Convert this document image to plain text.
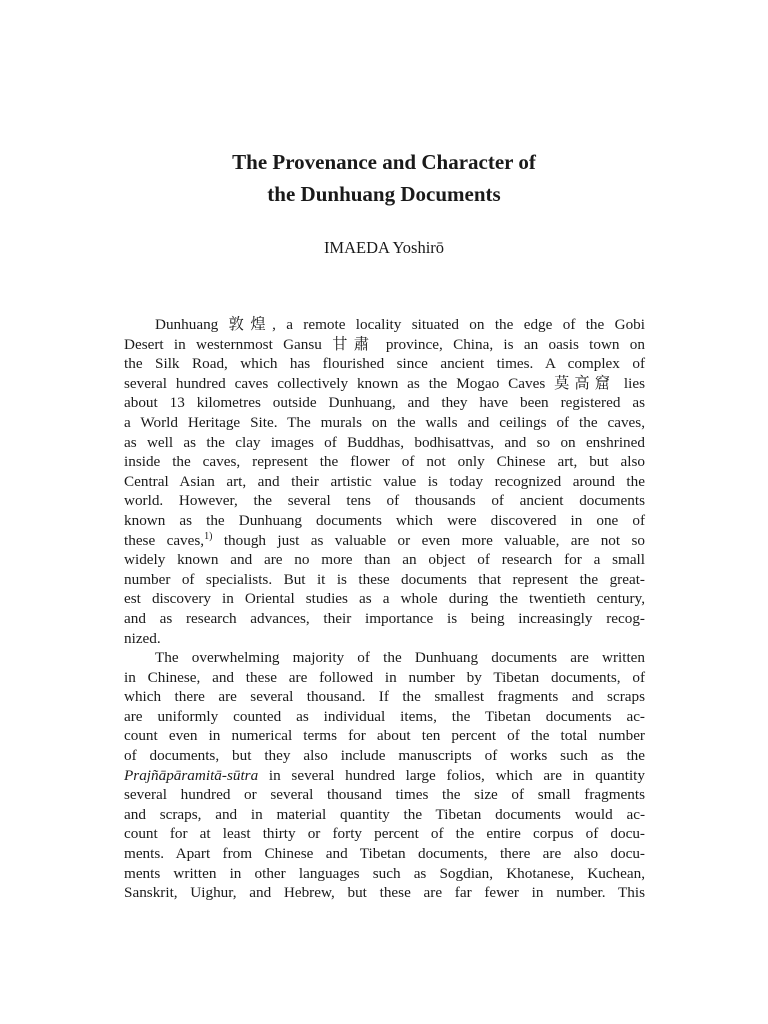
The Provenance and Character of
the Dunhuang Documents
IMAEDA Yoshirō
Dunhuang 敦煌, a remote locality situated on the edge of the Gobi
Desert in westernmost Gansu 甘肅 province, China, is an oasis town on
the Silk Road, which has flourished since ancient times. A complex of
several hundred caves collectively known as the Mogao Caves 莫高窟 lies
about 13 kilometres outside Dunhuang, and they have been registered as
a World Heritage Site. The murals on the walls and ceilings of the caves,
as well as the clay images of Buddhas, bodhisattvas, and so on enshrined
inside the caves, represent the flower of not only Chinese art, but also
Central Asian art, and their artistic value is today recognized around the
world. However, the several tens of thousands of ancient documents
known as the Dunhuang documents which were discovered in one of
these caves,$^{1)}$ though just as valuable or even more valuable, are not so
widely known and are no more than an object of research for a small
number of specialists. But it is these documents that represent the great-
est discovery in Oriental studies as a whole during the twentieth century,
and as research advances, their importance is being increasingly recog-
nized.
The overwhelming majority of the Dunhuang documents are written
in Chinese, and these are followed in number by Tibetan documents, of
which there are several thousand. If the smallest fragments and scraps
are uniformly counted as individual items, the Tibetan documents ac-
count even in numerical terms for about ten percent of the total number
of documents, but they also include manuscripts of works such as the
Prajñāpāramitā-sūtra in several hundred large folios, which are in quantity
several hundred or several thousand times the size of small fragments
and scraps, and in material quantity the Tibetan documents would ac-
count for at least thirty or forty percent of the entire corpus of docu-
ments. Apart from Chinese and Tibetan documents, there are also docu-
ments written in other languages such as Sogdian, Khotanese, Kuchean,
Sanskrit, Uighur, and Hebrew, but these are far fewer in number. This
